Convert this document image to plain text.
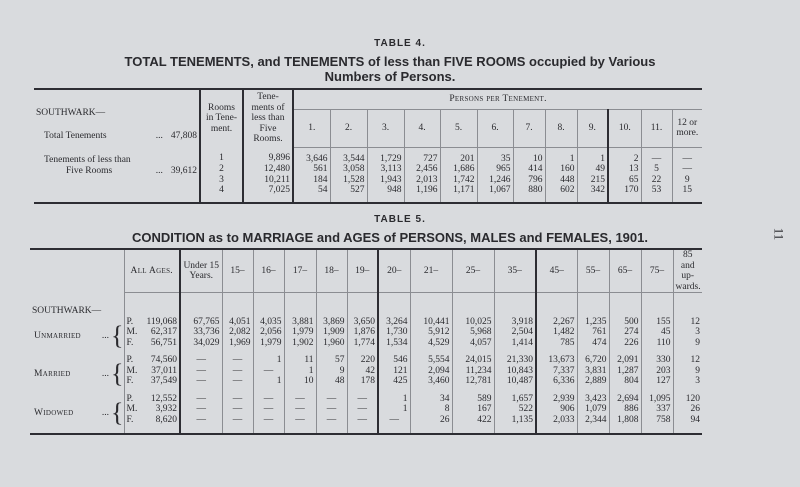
TABLE 4.
TOTAL TENEMENTS, and TENEMENTS of less than FIVE ROOMS occupied by Various
Numbers of Persons.
SOUTHWARK—
Total Tenements ... 47,808	Rooms in Tene- ment.	Tene- ments of less than Five Rooms.	Persons per Tenement.											
			1.	2.	3.	4.	5.	6.	7.	8.	9.	10.	11.	12 or more.

Tenements of less than
Five Rooms ... 39,612	1	9,896	3,646	3,544	1,729	727	201	35	10	1	1	2	—	—
	2	12,480	561	3,058	3,113	2,456	1,686	965	414	160	49	13	5	—
	3	10,211	184	1,528	1,943	2,013	1,742	1,246	796	448	215	65	22	9
	4	7,025	54	527	948	1,196	1,171	1,067	880	602	342	170	53	15
TABLE 5.
CONDITION as to MARRIAGE and AGES of PERSONS, MALES and FEMALES, 1901.
	All Ages.	Under 15 Years.	15–	16–	17–	18–	19–	20–	21–	25–	35–	45–	55–	65–	75–	85 and up- wards.
SOUTHWARK—																

Unmarried ... {	P. 119,068	67,765	4,051	4,035	3,881	3,869	3,650	3,264	10,441	10,025	3,918	2,267	1,235	500	155	12

	M. 62,317	33,736	2,082	2,056	1,979	1,909	1,876	1,730	5,912	5,968	2,504	1,482	761	274	45	3

	F. 56,751	34,029	1,969	1,979	1,902	1,960	1,774	1,534	4,529	4,057	1,414	785	474	226	110	9

Married ... {	P. 74,560	—	—	1	11	57	220	546	5,554	24,015	21,330	13,673	6,720	2,091	330	12

	M. 37,011	—	—	—	1	9	42	121	2,094	11,234	10,843	7,337	3,831	1,287	203	9

	F. 37,549	—	—	1	10	48	178	425	3,460	12,781	10,487	6,336	2,889	804	127	3

Widowed ... {	P. 12,552	—	—	—	—	—	—	1	34	589	1,657	2,939	3,423	2,694	1,095	120

	M. 3,932	—	—	—	—	—	—	1	8	167	522	906	1,079	886	337	26

	F. 8,620	—	—	—	—	—	—	—	26	422	1,135	2,033	2,344	1,808	758	94
11
